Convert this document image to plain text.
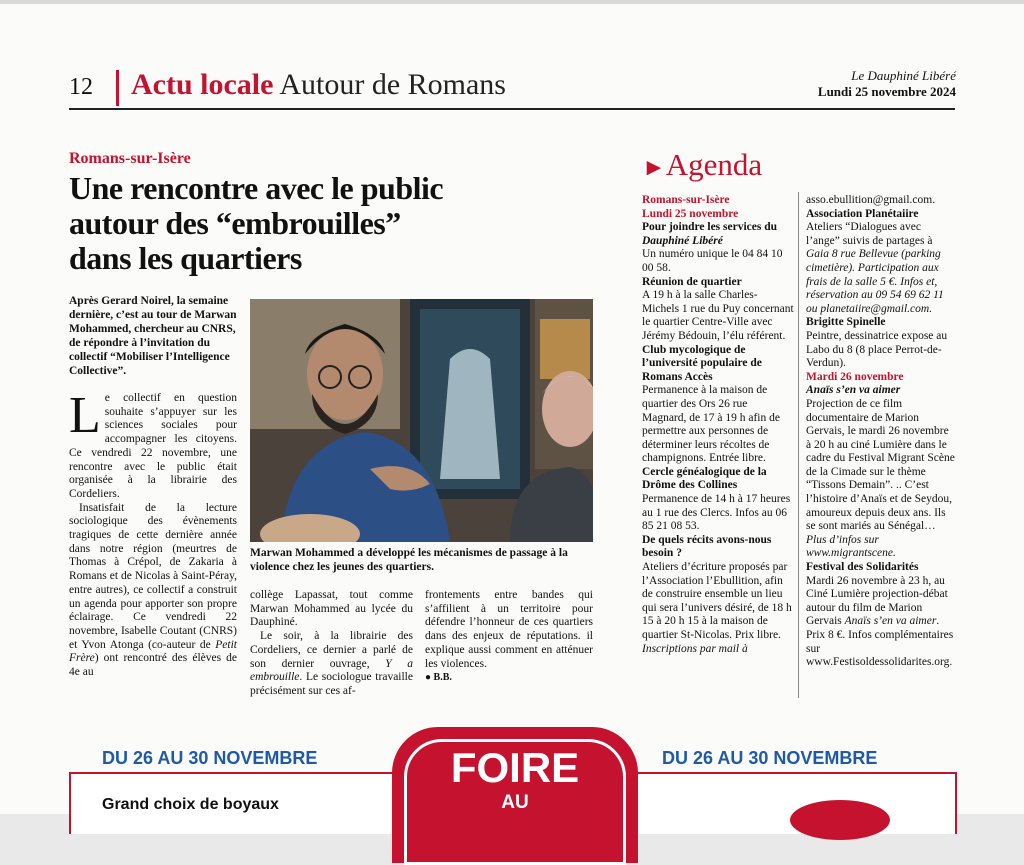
12 Actu locale Autour de Romans	Le Dauphiné Libéré
Lundi 25 novembre 2024
Romans-sur-Isère
Une rencontre avec le public
autour des “embrouilles”
dans les quartiers
Après Gerard Noirel, la semaine dernière, c’est au tour de Marwan Mohammed, chercheur au CNRS, de répondre à l’invitation du collectif “Mobiliser l’Intelligence Collective”.
L e collectif en question souhaite s’appuyer sur les sciences sociales pour accompagner les citoyens. Ce vendredi 22 novembre, une rencontre avec le public était organisée à la librairie des Cordeliers.
Insatisfait de la lecture sociologique des évènements tragiques de cette dernière année dans notre région (meurtres de Thomas à Crépol, de Zakaria à Romans et de Nicolas à Saint-Péray, entre autres), ce collectif a construit un agenda pour apporter son propre éclairage. Ce vendredi 22 novembre, Isabelle Coutant (CNRS) et Yvon Atonga (co-auteur de Petit Frère) ont rencontré des élèves de 4e au
Marwan Mohammed a développé les mécanismes de passage à la violence chez les jeunes des quartiers.
collège Lapassat, tout comme Marwan Mohammed au lycée du Dauphiné.
Le soir, à la librairie des Cordeliers, ce dernier a parlé de son dernier ouvrage, Y a embrouille. Le sociologue travaille précisément sur ces af-
frontements entre bandes qui s’affilient à un territoire pour défendre l’honneur de ces quartiers dans des enjeux de réputations. il explique aussi comment en atténuer les violences.
● B.B.
►Agenda
Romans-sur-Isère
Lundi 25 novembre
Pour joindre les services du Dauphiné Libéré
Un numéro unique le 04 84 10 00 58.
Réunion de quartier
A 19 h à la salle Charles-Michels 1 rue du Puy concernant le quartier Centre-Ville avec Jérémy Bédouin, l’élu référent.
Club mycologique de l’université populaire de Romans Accès
Permanence à la maison de quartier des Ors 26 rue Magnard, de 17 à 19 h afin de permettre aux personnes de déterminer leurs récoltes de champignons. Entrée libre.
Cercle généalogique de la Drôme des Collines
Permanence de 14 h à 17 heures au 1 rue des Clercs. Infos au 06 85 21 08 53.
De quels récits avons-nous besoin ?
Ateliers d’écriture proposés par l’Association l’Ebullition, afin de construire ensemble un lieu qui sera l’univers désiré, de 18 h 15 à 20 h 15 à la maison de quartier St-Nicolas. Prix libre.
Inscriptions par mail à
asso.ebullition@gmail.com.
Association Planétaiire
Ateliers “Dialogues avec l’ange” suivis de partages à Gaia 8 rue Bellevue (parking cimetière). Participation aux frais de la salle 5 €. Infos et, réservation au 09 54 69 62 11 ou planetaiire@gmail.com.
Brigitte Spinelle
Peintre, dessinatrice expose au Labo du 8 (8 place Perrot-de-Verdun).
Mardi 26 novembre
Anaïs s’en va aimer
Projection de ce film documentaire de Marion Gervais, le mardi 26 novembre à 20 h au ciné Lumière dans le cadre du Festival Migrant Scène de la Cimade sur le thème “Tissons Demain”. .. C’est l’histoire d’Anaïs et de Seydou, amoureux depuis deux ans. Ils se sont mariés au Sénégal… Plus d’infos sur www.migrantscene.
Festival des Solidarités
Mardi 26 novembre à 23 h, au Ciné Lumière projection-débat autour du film de Marion Gervais Anaïs s’en va aimer. Prix 8 €. Infos complémentaires sur www.Festisoldessolidarites.org.
DU 26 AU 30 NOVEMBRE	DU 26 AU 30 NOVEMBRE
Grand choix de boyaux
FOIRE
AU
